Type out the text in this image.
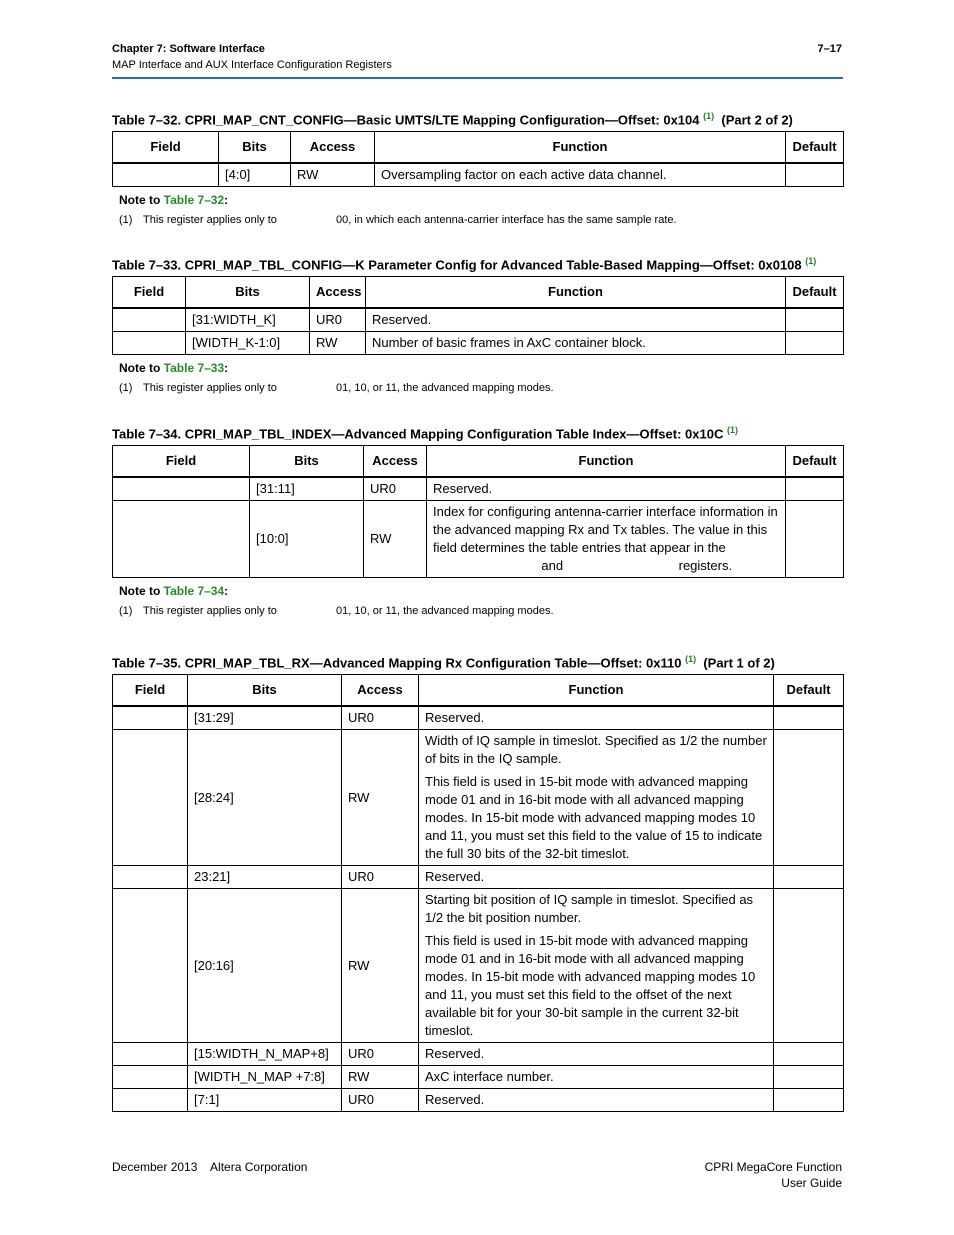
Chapter 7: Software Interface
MAP Interface and AUX Interface Configuration Registers
7–17
Table 7–32. CPRI_MAP_CNT_CONFIG—Basic UMTS/LTE Mapping Configuration—Offset: 0x104 $^{(1)}$ (Part 2 of 2)
Field	Bits	Access	Function	Default
	[4:0]	RW	Oversampling factor on each active data channel.	

Note to Table 7–32:
(1) This register applies only to	00, in which each antenna-carrier interface has the same sample rate.
Table 7–33. CPRI_MAP_TBL_CONFIG—K Parameter Config for Advanced Table-Based Mapping—Offset: 0x0108 $^{(1)}$
Field	Bits	Access	Function	Default
	[31:WIDTH_K]	UR0	Reserved.	

	[WIDTH_K-1:0]	RW	Number of basic frames in AxC container block.	

Note to Table 7–33:
(1) This register applies only to	01, 10, or 11, the advanced mapping modes.
Table 7–34. CPRI_MAP_TBL_INDEX—Advanced Mapping Configuration Table Index—Offset: 0x10C $^{(1)}$
Field	Bits	Access	Function	Default
	[31:11]	UR0	Reserved.	

	[10:0]	RW	Index for configuring antenna-carrier interface information in the advanced mapping Rx and Tx tables. The value in this field determines the table entries that appear in the                               and                                registers.	

Note to Table 7–34:
(1) This register applies only to	01, 10, or 11, the advanced mapping modes.
Table 7–35. CPRI_MAP_TBL_RX—Advanced Mapping Rx Configuration Table—Offset: 0x110 $^{(1)}$ (Part 1 of 2)
Field	Bits	Access	Function	Default
	[31:29]	UR0	Reserved.	

	[28:24]	RW	Width of IQ sample in timeslot. Specified as 1/2 the number of bits in the IQ sample.

This field is used in 15-bit mode with advanced mapping mode 01 and in 16-bit mode with all advanced mapping modes. In 15-bit mode with advanced mapping modes 10 and 11, you must set this field to the value of 15 to indicate the full 30 bits of the 32-bit timeslot.	

	23:21]	UR0	Reserved.	

	[20:16]	RW	Starting bit position of IQ sample in timeslot. Specified as 1/2 the bit position number.

This field is used in 15-bit mode with advanced mapping mode 01 and in 16-bit mode with all advanced mapping modes. In 15-bit mode with advanced mapping modes 10 and 11, you must set this field to the offset of the next available bit for your 30-bit sample in the current 32-bit timeslot.	

	[15:WIDTH_N_MAP+8]	UR0	Reserved.	

	[WIDTH_N_MAP +7:8]	RW	AxC interface number.	

	[7:1]	UR0	Reserved.	

December 2013    Altera Corporation	CPRI MegaCore Function
User Guide
